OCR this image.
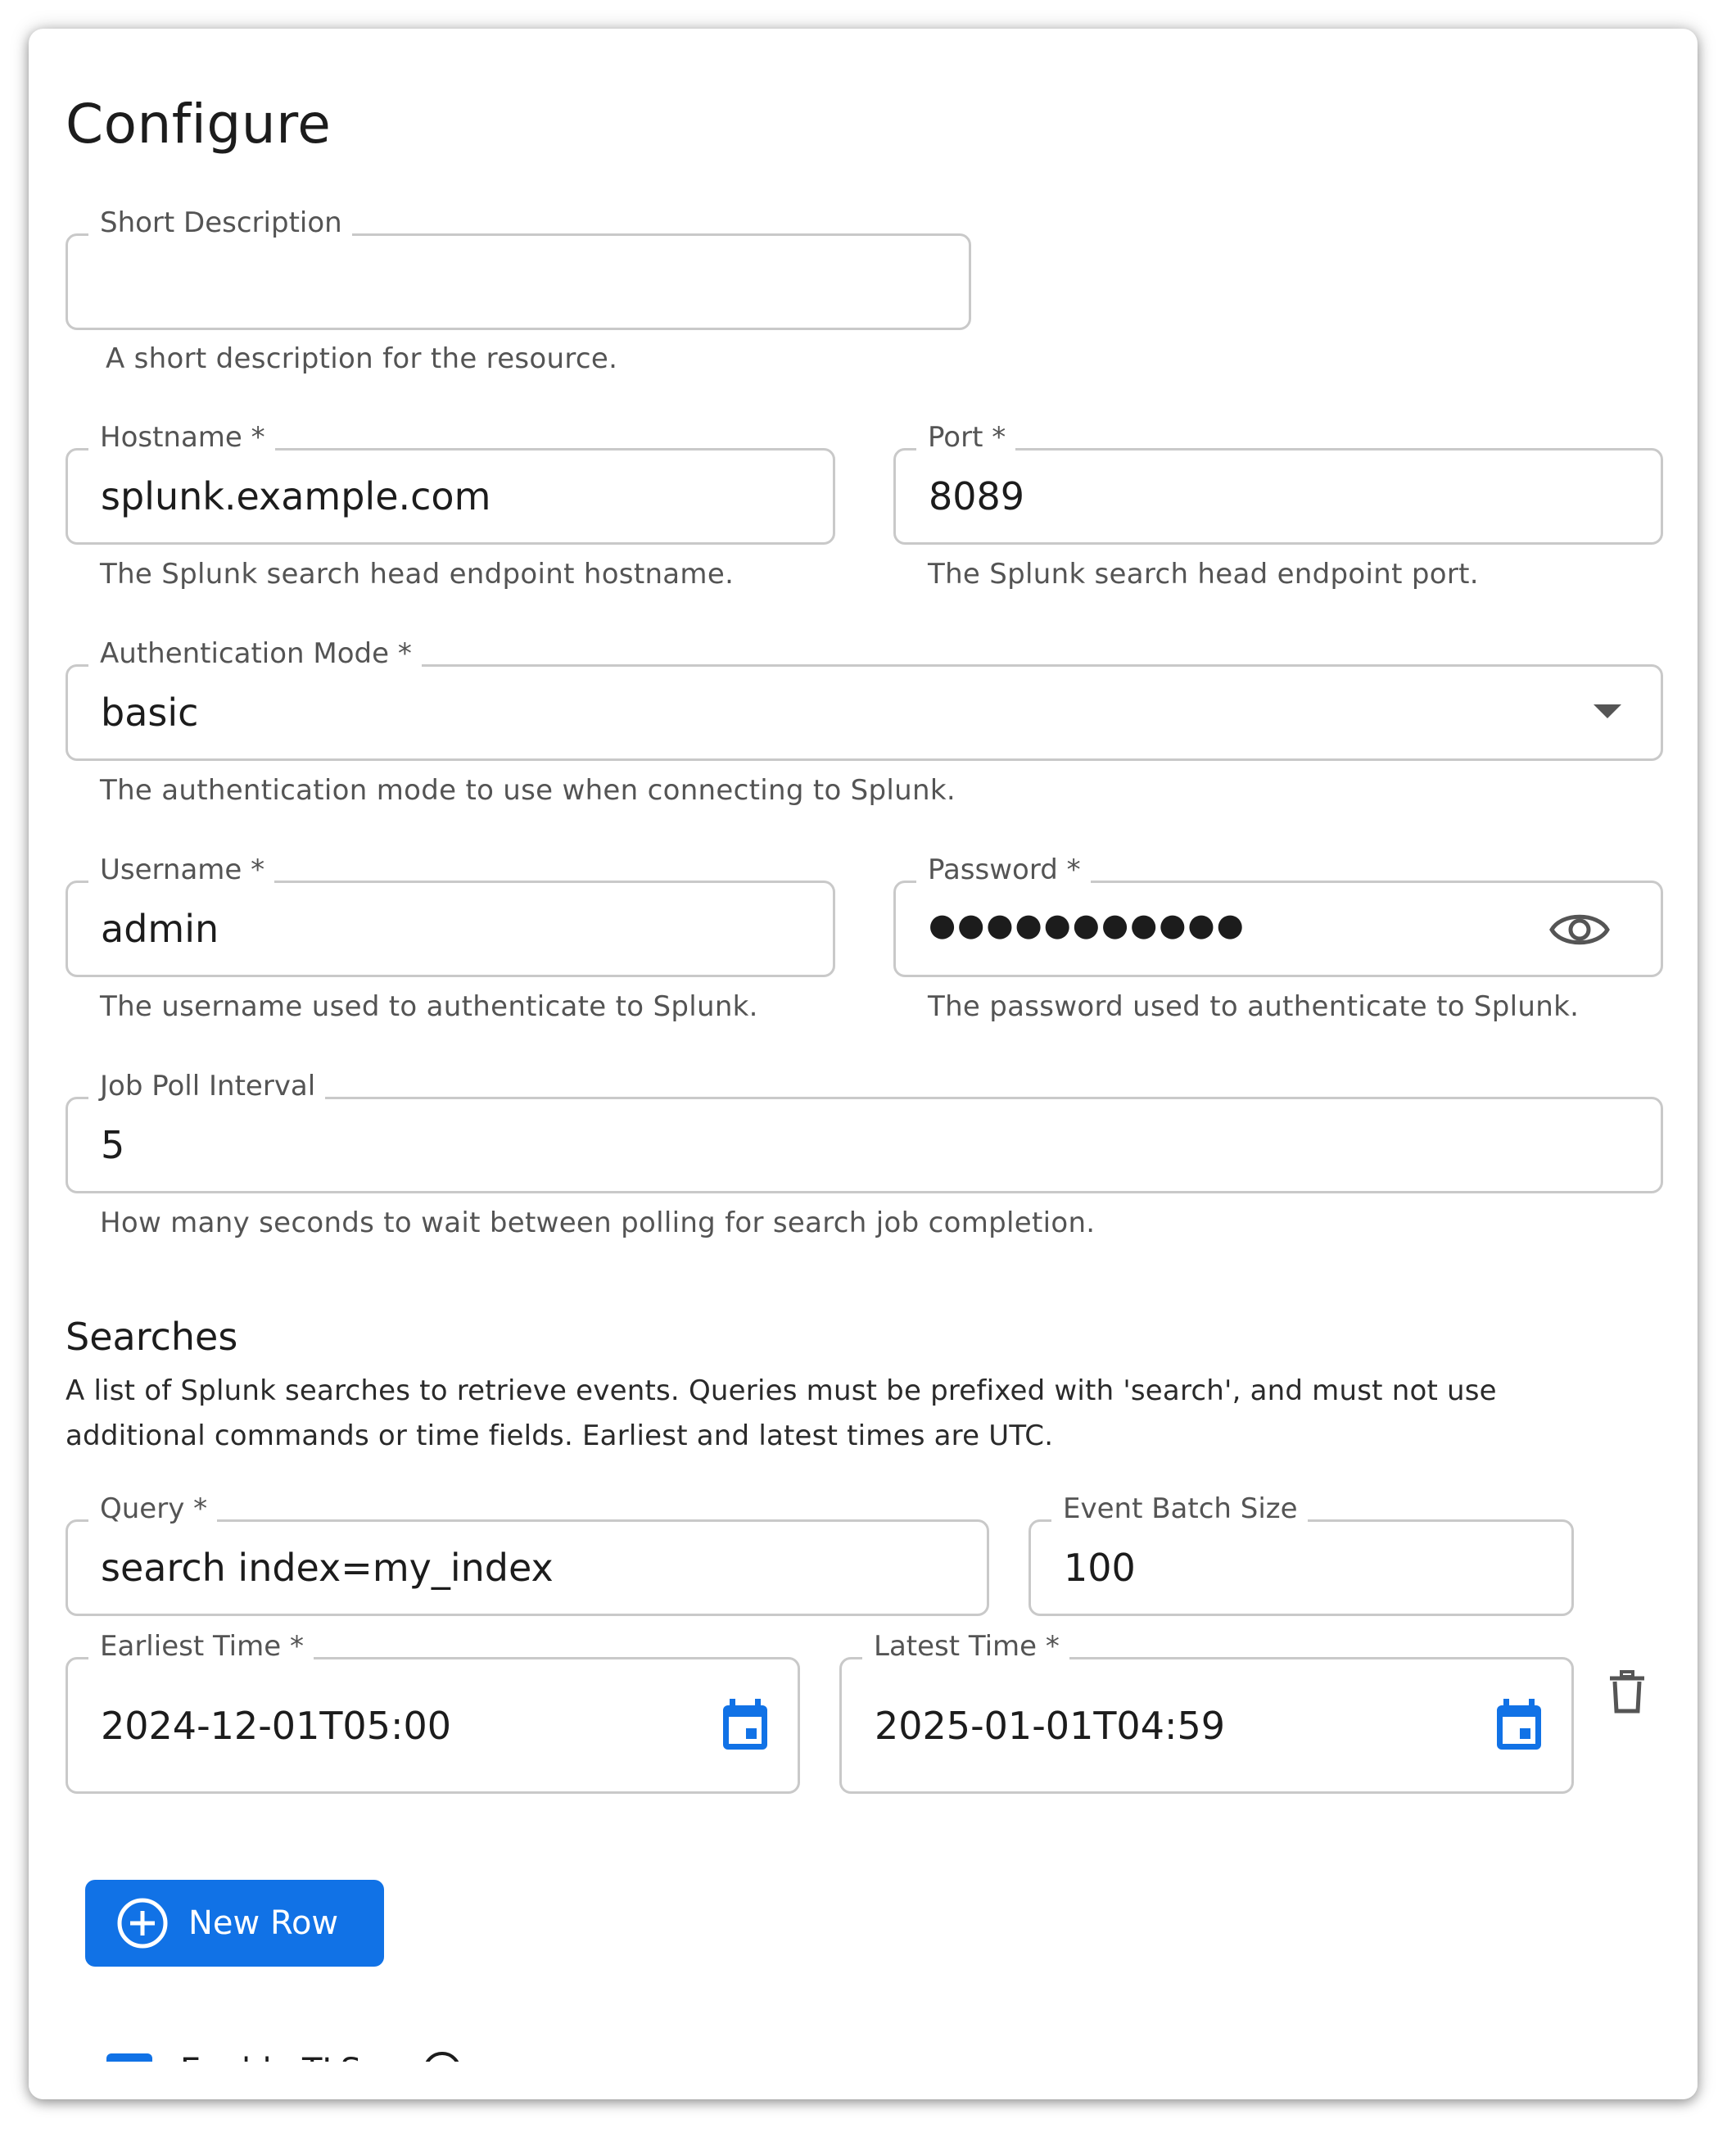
Configure
Short Description
A short description for the resource.
Hostname *
splunk.example.com
The Splunk search head endpoint hostname.
Port *
8089
The Splunk search head endpoint port.
Authentication Mode *
basic
The authentication mode to use when connecting to Splunk.
Username *
admin
The username used to authenticate to Splunk.
Password *
●●●●●●●●●●●
The password used to authenticate to Splunk.
Job Poll Interval
5
How many seconds to wait between polling for search job completion.
Searches
A list of Splunk searches to retrieve events. Queries must be prefixed with 'search', and must not use additional commands or time fields. Earliest and latest times are UTC.
Query *
search index=my_index
Event Batch Size
100
Earliest Time *
2024-12-01T05:00
Latest Time *
2025-01-01T04:59
New Row
